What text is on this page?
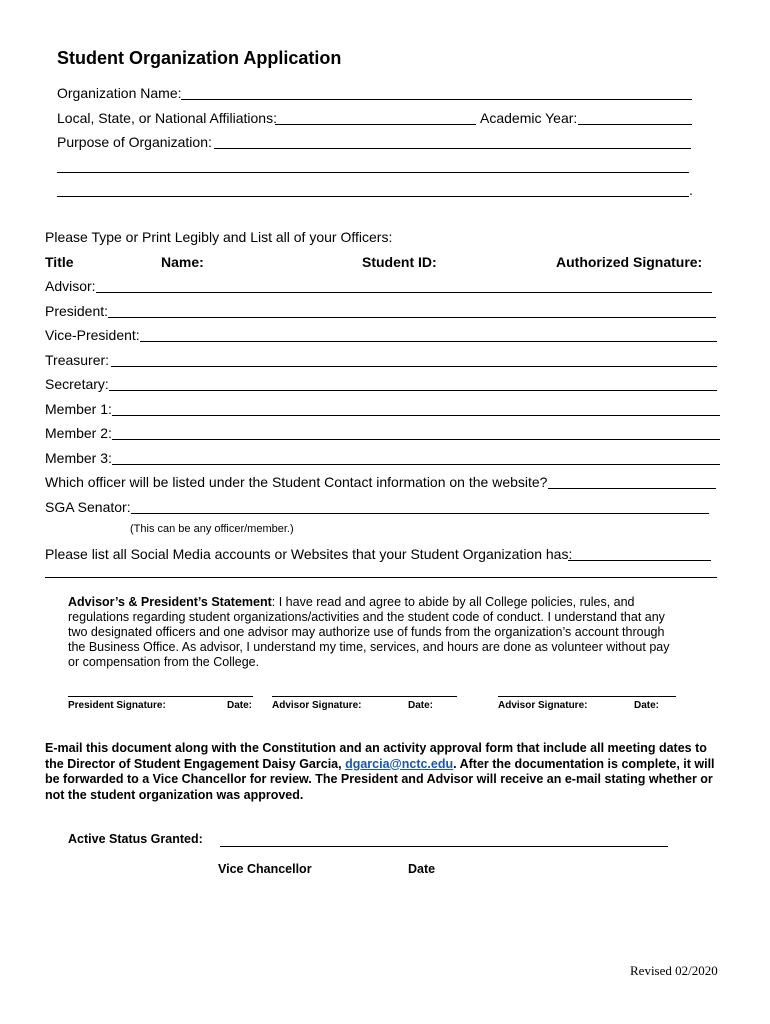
Student Organization Application
Organization Name:
Local, State, or National Affiliations:	Academic Year:
Purpose of Organization:
.
Please Type or Print Legibly and List all of your Officers:
Title	Name:	Student ID:	Authorized Signature:
Advisor:
President:
Vice-President:
Treasurer:
Secretary:
Member 1:
Member 2:
Member 3:
Which officer will be listed under the Student Contact information on the website?
SGA Senator:
(This can be any officer/member.)
Please list all Social Media accounts or Websites that your Student Organization has:
Advisor’s & President’s Statement: I have read and agree to abide by all College policies, rules, and
regulations regarding student organizations/activities and the student code of conduct. I understand that any
two designated officers and one advisor may authorize use of funds from the organization’s account through
the Business Office. As advisor, I understand my time, services, and hours are done as volunteer without pay
or compensation from the College.
President Signature:	Date: Advisor Signature:	Date:	Advisor Signature:	Date:
E-mail this document along with the Constitution and an activity approval form that include all meeting dates to
the Director of Student Engagement Daisy Garcia, dgarcia@nctc.edu. After the documentation is complete, it will
be forwarded to a Vice Chancellor for review. The President and Advisor will receive an e-mail stating whether or
not the student organization was approved.
Active Status Granted:
Vice Chancellor	Date
Revised 02/2020
